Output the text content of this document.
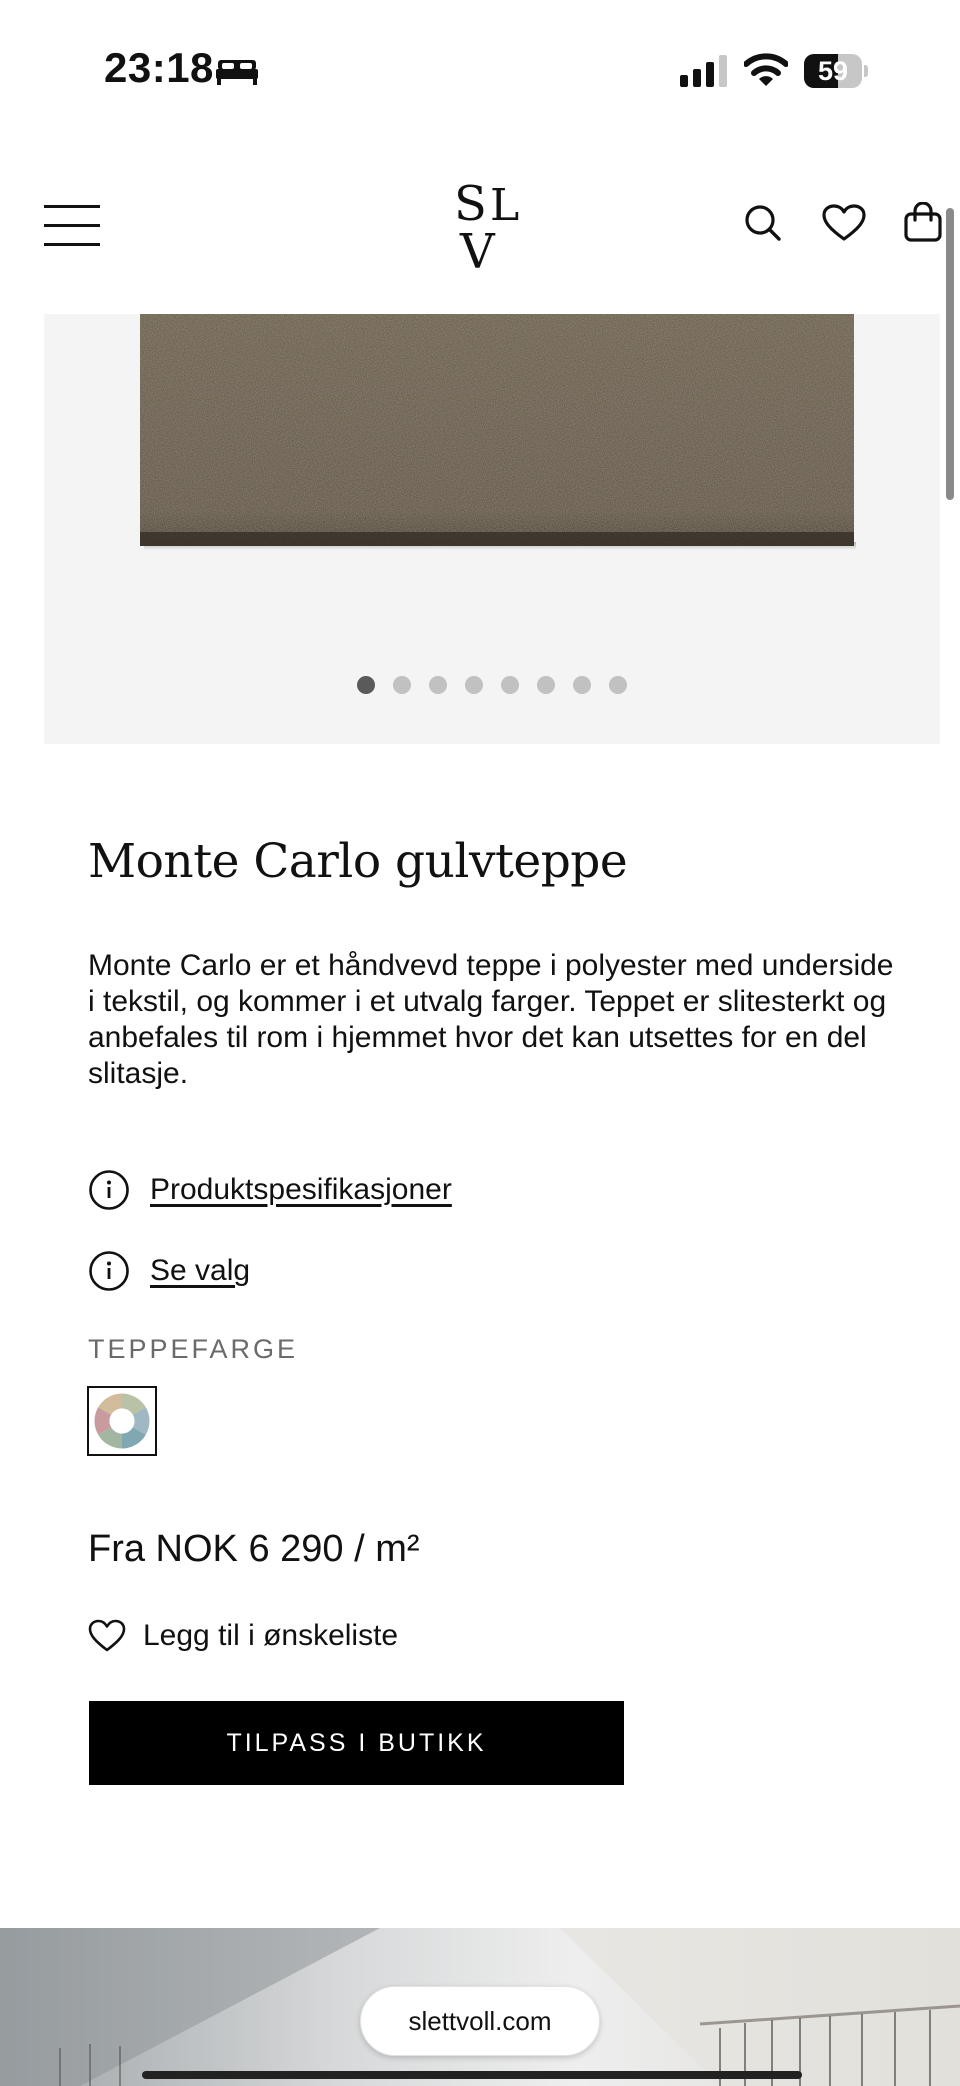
23:18	59
S L
V
Monte Carlo gulvteppe

Monte Carlo er et håndvevd teppe i polyester med underside i tekstil, og kommer i et utvalg farger. Teppet er slitesterkt og anbefales til rom i hjemmet hvor det kan utsettes for en del slitasje.

Produktspesifikasjoner
Se valg
TEPPEFARGE
Fra NOK 6 290 / m²
Legg til i ønskeliste
TILPASS I BUTIKK
slettvoll.com
